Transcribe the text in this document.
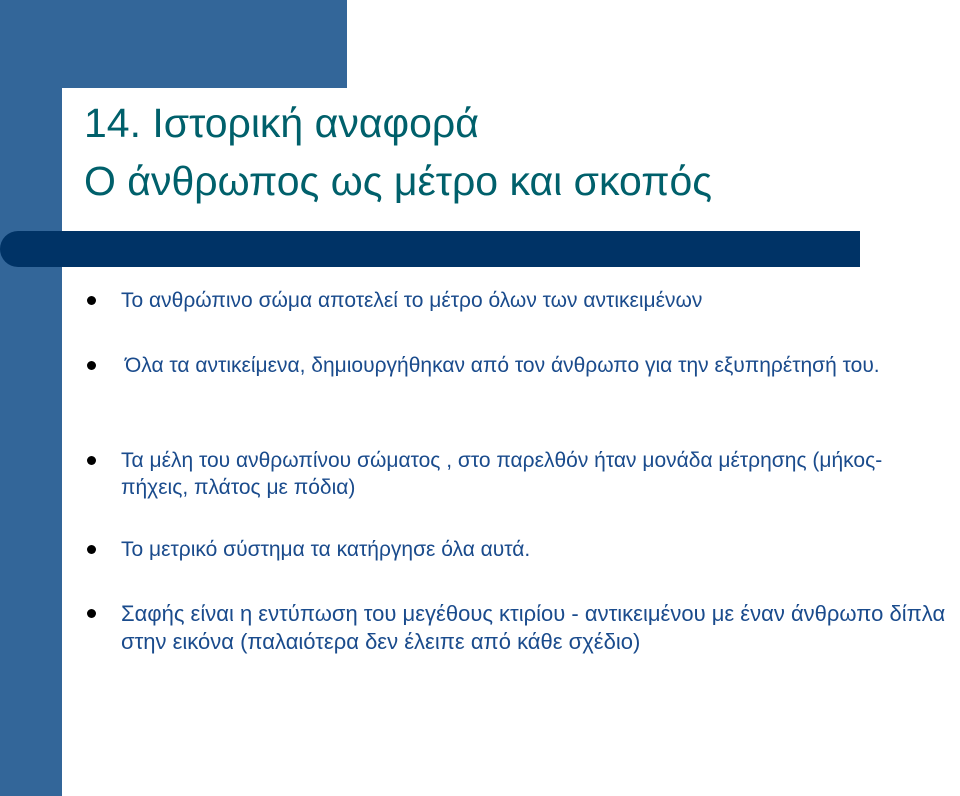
14. Ιστορική αναφορά
Ο άνθρωπος ως μέτρο και σκοπός
Το ανθρώπινο σώμα αποτελεί το μέτρο όλων των αντικειμένων
Όλα τα αντικείμενα, δημιουργήθηκαν από τον άνθρωπο για την εξυπηρέτησή του.
Τα μέλη του ανθρωπίνου σώματος , στο παρελθόν ήταν μονάδα μέτρησης (μήκος-πήχεις, πλάτος με πόδια)
Το μετρικό σύστημα τα κατήργησε όλα αυτά.
Σαφής είναι η εντύπωση του μεγέθους κτιρίου - αντικειμένου με έναν άνθρωπο δίπλα στην εικόνα (παλαιότερα δεν έλειπε από κάθε σχέδιο)
